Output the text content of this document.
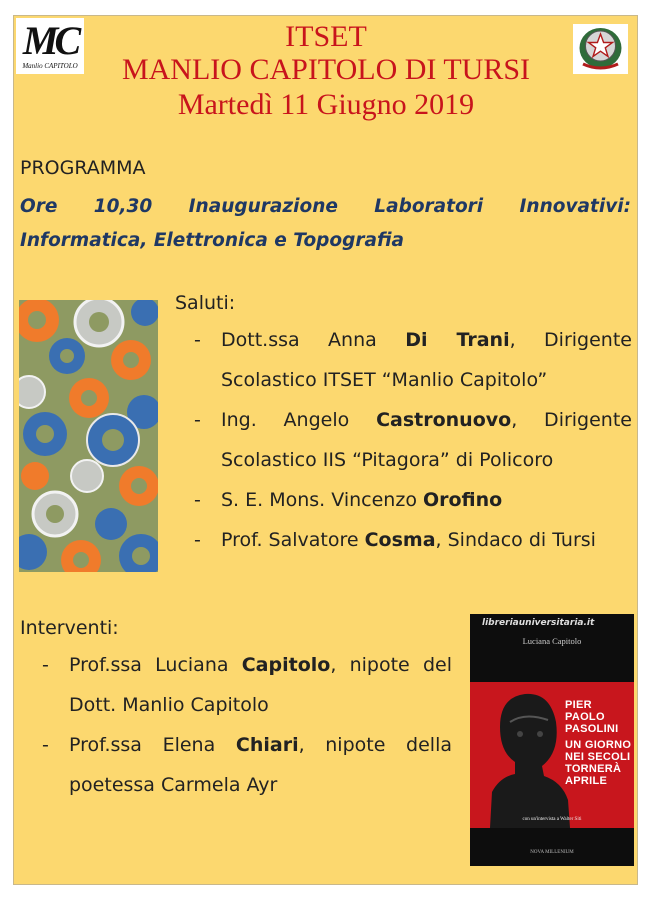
MC
Manlio CAPITOLO
ITSET
MANLIO CAPITOLO DI TURSI
Martedì 11 Giugno 2019
PROGRAMMA
Ore 10,30 Inaugurazione Laboratori Innovativi:
Informatica, Elettronica e Topografia
Saluti:
- Dott.ssa Anna Di Trani, Dirigente Scolastico ITSET “Manlio Capitolo”
- Ing. Angelo Castronuovo, Dirigente Scolastico IIS “Pitagora” di Policoro
- S. E. Mons. Vincenzo Orofino
- Prof. Salvatore Cosma, Sindaco di Tursi
Interventi:
- Prof.ssa Luciana Capitolo, nipote del Dott. Manlio Capitolo
- Prof.ssa Elena Chiari, nipote della poetessa Carmela Ayr
libreriauniversitaria.it
Luciana Capitolo
PIER PAOLO PASOLINI
UN GIORNO NEI SECOLI TORNERÀ APRILE
con un'intervista a Walter Siti
NOVA MILLENIUM
